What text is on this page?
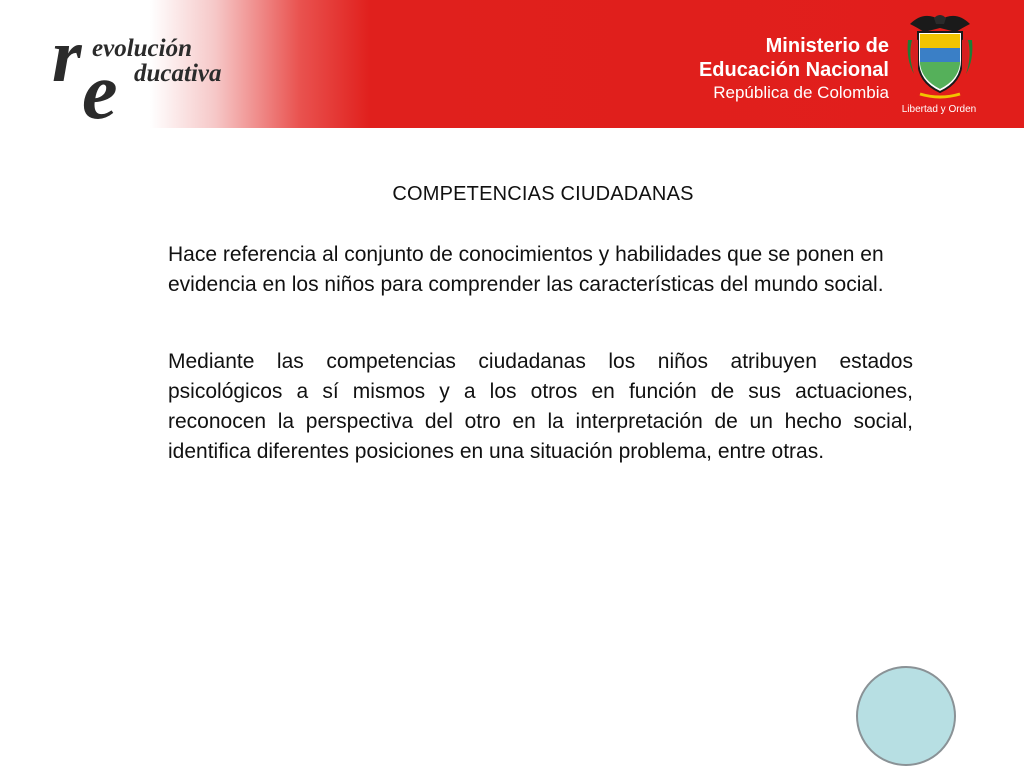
r e
evolución
ducativa
Ministerio de
Educación Nacional
República de Colombia
Libertad y Orden
COMPETENCIAS CIUDADANAS
Hace referencia al conjunto de conocimientos y habilidades que se ponen en evidencia en los niños para comprender las características del mundo social.
Mediante las competencias ciudadanas los niños atribuyen estados psicológicos a sí mismos y a los otros en función de sus actuaciones, reconocen la perspectiva del otro en la interpretación de un hecho social, identifica diferentes posiciones en una situación problema, entre otras.
